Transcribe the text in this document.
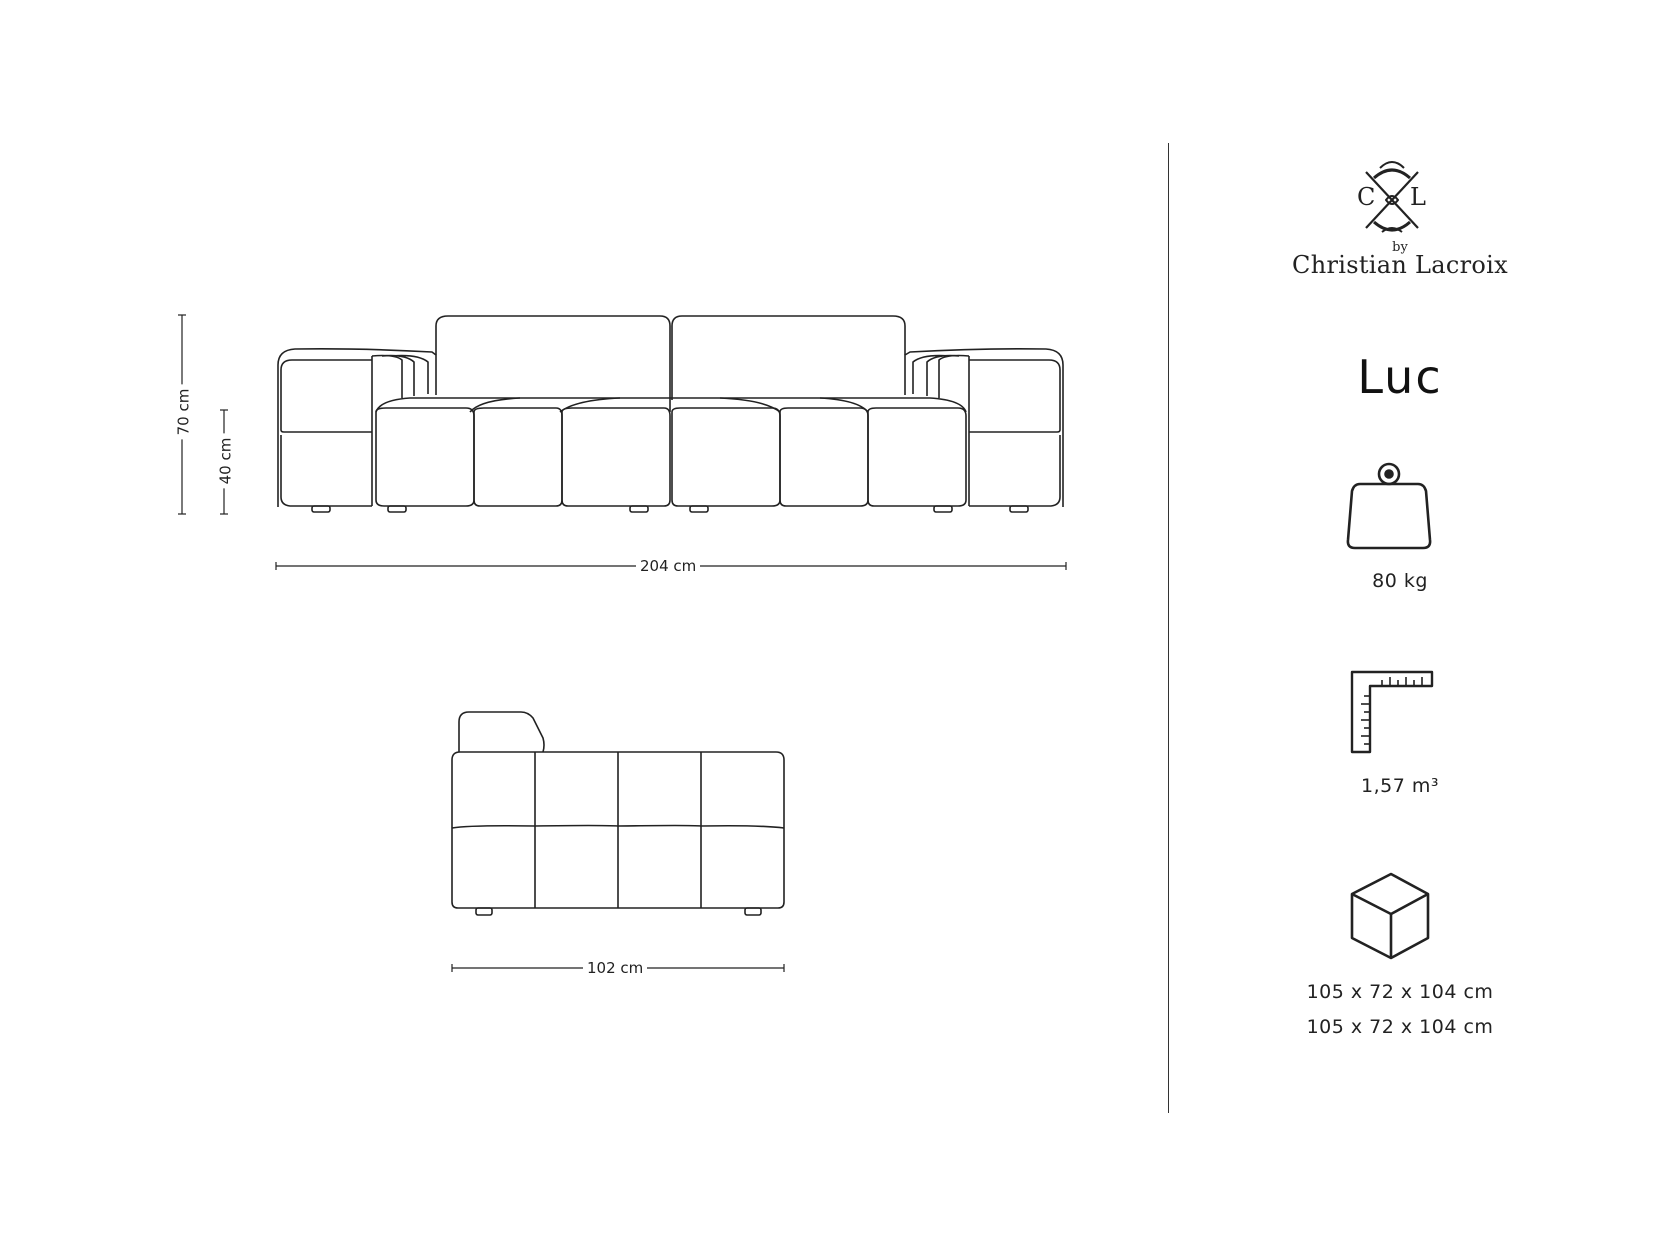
204 cm
70 cm
40 cm
102 cm
C L
by
Christian Lacroix
Luc
80 kg
1,57 m³
105 x 72 x 104 cm
105 x 72 x 104 cm
